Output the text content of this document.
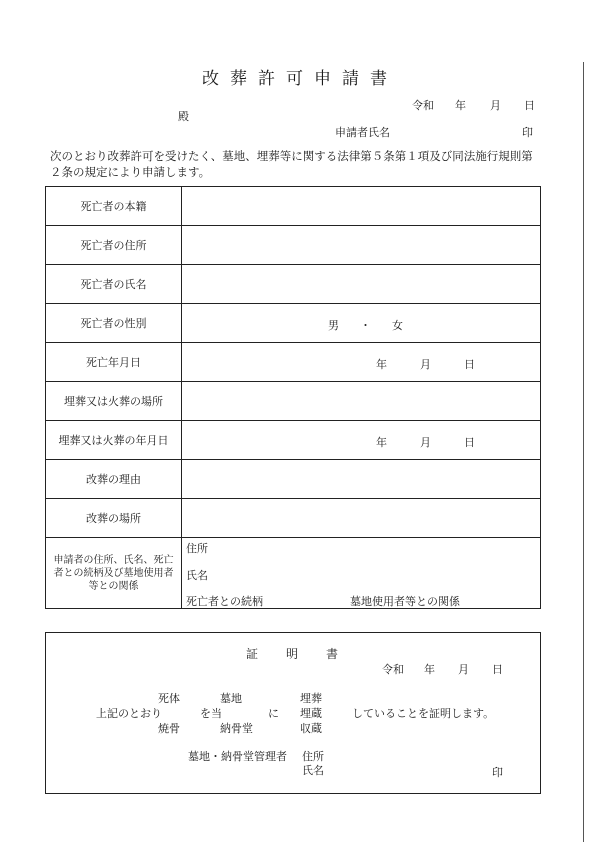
改葬許可申請書
令和 年 月 日
殿
申請者氏名	印
次のとおり改葬許可を受けたく、墓地、埋葬等に関する法律第５条第１項及び同法施行規則第２条の規定により申請します。
死亡者の本籍	
死亡者の住所	
死亡者の氏名	
死亡者の性別	男 ・ 女

死亡年月日	年 月 日

埋葬又は火葬の場所	
埋葬又は火葬の年月日	年 月 日

改葬の理由	
改葬の場所	
申請者の住所、氏名、死亡者との続柄及び墓地使用者等との関係	住所
氏名
死亡者との続柄 墓地使用者等との関係
証明書
令和 年 月 日
死体	墓地	埋葬
上記のとおり	を当	に 埋蔵	していることを証明します。
焼骨	納骨堂	収蔵
墓地・納骨堂管理者 住所
氏名	印
